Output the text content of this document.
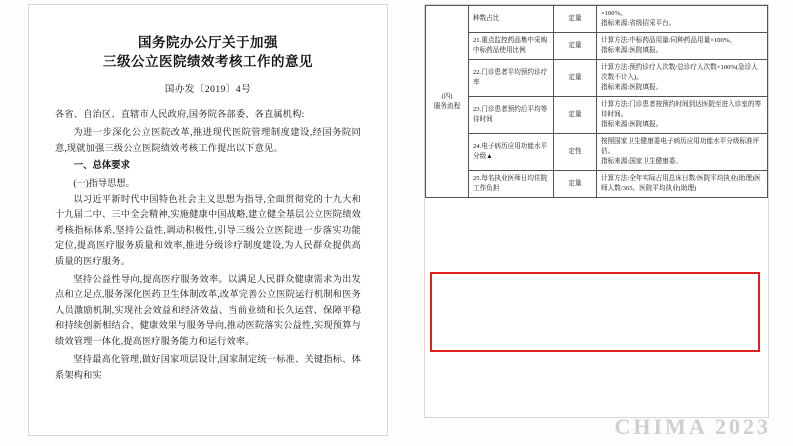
国务院办公厅关于加强
三级公立医院绩效考核工作的意见
国办发〔2019〕4号

各省、自治区、直辖市人民政府,国务院各部委、各直属机构:

为进一步深化公立医院改革,推进现代医院管理制度建设,经国务院同意,现就加强三级公立医院绩效考核工作提出以下意见。

一、总体要求

(一)指导思想。

以习近平新时代中国特色社会主义思想为指导,全面贯彻党的十九大和十九届二中、三中全会精神,实施健康中国战略,建立健全基层公立医院绩效考核指标体系,坚持公益性,调动积极性,引导三级公立医院进一步落实功能定位,提高医疗服务质量和效率,推进分级诊疗制度建设,为人民群众提供高质量的医疗服务。

坚持公益性导向,提高医疗服务效率。以满足人民群众健康需求为出发点和立足点,服务深化医药卫生体制改革,改革完善公立医院运行机制和医务人员激励机制,实现社会效益和经济效益、当前业绩和长久运营、保障平稳和持续创新相结合、健康效果与服务导向,推动医院落实公益性,实现预算与绩效管理一体化,提高医疗服务能力和运行效率。

坚持最高化管理,做好国家项层设计,国家制定统一标准、关键指标、体系架构和实

(四)
服务流程
	种数占比	定量	

×100%。

指标来源:省级招采平台。

	21.重点监控药品集中采购中标药品使用比例	定量	计算方法:中标药品用量/同种药品用量×100%。

指标来源:医院填报。

	22.门诊患者平均预约诊疗率	定量	计算方法:预约诊疗人次数/总诊疗人次数×100%(急诊人次数不计入)。

指标来源:医院填报。

	23.门诊患者预约后平均等待时间	定量	计算方法:门诊患者按预约时间到达医院至进入诊室的等待时间。

指标来源:医院填报。

	24.电子病历应用功能水平分级▲	定性	按照国家卫生健康委电子病历应用功能水平分级标准评估。

指标来源:国家卫生健康委。

	25.每名执业医师日均住院工作负担	定量	计算方法:全年实际占用总床日数/医院平均执业(助理)医师人数/365。医院平均执业(助理)

CHIMA 2023
